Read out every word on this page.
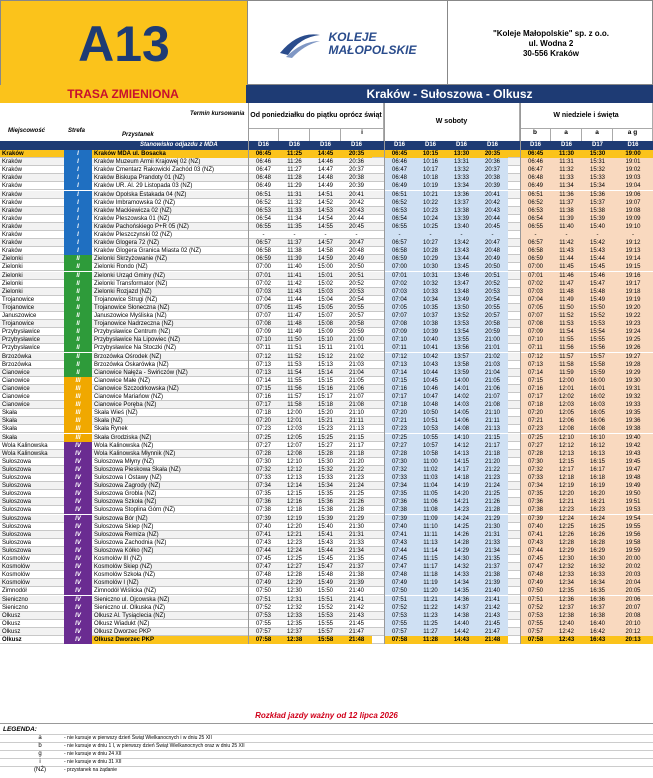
A13	KOLEJE
MAŁOPOLSKIE
"Koleje Małopolskie" sp. z o.o.
ul. Wodna 2
30-556 Kraków
TRASA ZMIENIONA	Kraków - Sułoszowa - Olkusz
Termin kursowania
Przystanek
Miejscowość	Strefa
Od poniedziałku do piątku oprócz świąt
W soboty
W niedziele i święta
i	b	a	a	a g
Stanowisko odjazdu z MDA	D16	D16	D16	D16	D16	D16	D16	D16	D16	D16	D17	D16
Kraków	I	Kraków MDA ul. Bosacka	06:45	11:25	14:45	20:35	06:45	10:15	13:30	20:35	06:45	11:30	15:30	19:00
Kraków	I	Kraków Muzeum Armii Krajowej 02 (NŻ)	06:46	11:26	14:46	20:36	06:46	10:16	13:31	20:36	06:46	11:31	15:31	19:01
Kraków	I	Kraków Cmentarz Rakowicki Zachód 03 (NŻ)	06:47	11:27	14:47	20:37	06:47	10:17	13:32	20:37	06:47	11:32	15:32	19:02
Kraków	I	Kraków Biskupa Prandoty 01 (NŻ)	06:48	11:28	14:48	20:38	06:48	10:18	13:33	20:38	06:48	11:33	15:33	19:03
Kraków	I	Kraków UR. Al. 29 Listopada 03 (NŻ)	06:49	11:29	14:49	20:39	06:49	10:19	13:34	20:39	06:49	11:34	15:34	19:04
Kraków	I	Kraków Opolska Estakada 04 (NŻ)	06:51	11:31	14:51	20:41	06:51	10:21	13:36	20:41	06:51	11:36	15:36	19:06
Kraków	I	Kraków Imbramowska 02 (NŻ)	06:52	11:32	14:52	20:42	06:52	10:22	13:37	20:42	06:52	11:37	15:37	19:07
Kraków	I	Kraków Mackiewicza 02 (NŻ)	06:53	11:33	14:53	20:43	06:53	10:23	13:38	20:43	06:53	11:38	15:38	19:08
Kraków	I	Kraków Pleszowska 01 (NŻ)	06:54	11:34	14:54	20:44	06:54	10:24	13:39	20:44	06:54	11:39	15:39	19:09
Kraków	I	Kraków Pachońskiego P+R 05 (NŻ)	06:55	11:35	14:55	20:45	06:55	10:25	13:40	20:45	06:55	11:40	15:40	19:10
Kraków	I	Kraków Pleszczynski 02 (NŻ)	-	-	-	-	-	-	-	-	-	-	-	-
Kraków	I	Kraków Glogera 72 (NŻ)	06:57	11:37	14:57	20:47	06:57	10:27	13:42	20:47	06:57	11:42	15:42	19:12
Kraków	I	Kraków Glogera Granica Miasta 02 (NŻ)	06:58	11:38	14:58	20:48	06:58	10:28	13:43	20:48	06:58	11:43	15:43	19:13
Zielonki	II	Zielonki Skrzyżowanie (NŻ)	06:59	11:39	14:59	20:49	06:59	10:29	13:44	20:49	06:59	11:44	15:44	19:14
Zielonki	II	Zielonki Rondo (NŻ)	07:00	11:40	15:00	20:50	07:00	10:30	13:45	20:50	07:00	11:45	15:45	19:15
Zielonki	II	Zielonki Urząd Gminy (NŻ)	07:01	11:41	15:01	20:51	07:01	10:31	13:46	20:51	07:01	11:46	15:46	19:16
Zielonki	II	Zielonki Transformator (NŻ)	07:02	11:42	15:02	20:52	07:02	10:32	13:47	20:52	07:02	11:47	15:47	19:17
Zielonki	II	Zielonki Rozjazd (NŻ)	07:03	11:43	15:03	20:53	07:03	10:33	13:48	20:53	07:03	11:48	15:48	19:18
Trojanowice	II	Trojanowice Strugi (NŻ)	07:04	11:44	15:04	20:54	07:04	10:34	13:49	20:54	07:04	11:49	15:49	19:19
Trojanowice	II	Trojanowice Słoneczna (NŻ)	07:05	11:45	15:05	20:55	07:05	10:35	13:50	20:55	07:05	11:50	15:50	19:20
Januszowice	II	Januszowice Myśliska (NŻ)	07:07	11:47	15:07	20:57	07:07	10:37	13:52	20:57	07:07	11:52	15:52	19:22
Trojanowice	II	Trojanowice Nadrzeczna (NŻ)	07:08	11:48	15:08	20:58	07:08	10:38	13:53	20:58	07:08	11:53	15:53	19:23
Przybysławice	II	Przybysławice Centrum (NŻ)	07:09	11:49	15:09	20:59	07:09	10:39	13:54	20:59	07:09	11:54	15:54	19:24
Przybysławice	II	Przybysławice Na Lipowiec (NŻ)	07:10	11:50	15:10	21:00	07:10	10:40	13:55	21:00	07:10	11:55	15:55	19:25
Przybysławice	II	Przybysławice Na Stoczki (NŻ)	07:11	11:51	15:11	21:01	07:11	10:41	13:56	21:01	07:11	11:56	15:56	19:26
Brzozówka	II	Brzozówka Ośrodek (NŻ)	07:12	11:52	15:12	21:02	07:12	10:42	13:57	21:02	07:12	11:57	15:57	19:27
Brzozówka	II	Brzozówka Oskarówka (NŻ)	07:13	11:53	15:13	21:03	07:13	10:43	13:58	21:03	07:13	11:58	15:58	19:28
Cianowice	II	Cianowice Nałęża - Świńczów (NŻ)	07:13	11:54	15:14	21:04	07:14	10:44	13:59	21:04	07:14	11:59	15:59	19:29
Cianowice	III	Cianowice Małe (NŻ)	07:14	11:55	15:15	21:05	07:15	10:45	14:00	21:05	07:15	12:00	16:00	19:30
Cianowice	III	Cianowice Szczodrkowska (NŻ)	07:15	11:56	15:16	21:06	07:16	10:46	14:01	21:06	07:16	12:01	16:01	19:31
Cianowice	III	Cianowice Mariańow (NŻ)	07:16	11:57	15:17	21:07	07:17	10:47	14:02	21:07	07:17	12:02	16:02	19:32
Cianowice	III	Cianowice Poręba (NŻ)	07:17	11:58	15:18	21:08	07:18	10:48	14:03	21:08	07:18	12:03	16:03	19:33
Skała	III	Skała Wieś (NŻ)	07:18	12:00	15:20	21:10	07:20	10:50	14:05	21:10	07:20	12:05	16:05	19:35
Skała	III	Skała (NŻ)	07:20	12:01	15:21	21:11	07:21	10:51	14:06	21:11	07:21	12:06	16:06	19:36
Skała	III	Skała Rynek	07:23	12:03	15:23	21:13	07:23	10:53	14:08	21:13	07:23	12:08	16:08	19:38
Skała	III	Skała Grodziska (NŻ)	07:25	12:05	15:25	21:15	07:25	10:55	14:10	21:15	07:25	12:10	16:10	19:40
Wola Kalinowska	IV	Wola Kalinowska (NŻ)	07:27	12:07	15:27	21:17	07:27	10:57	14:12	21:17	07:27	12:12	16:12	19:42
Wola Kalinowska	IV	Wola Kalinowska Młynnik (NŻ)	07:28	12:08	15:28	21:18	07:28	10:58	14:13	21:18	07:28	12:13	16:13	19:43
Sułoszowa	IV	Sułoszowa Młyny (NŻ)	07:30	12:10	15:30	21:20	07:30	11:00	14:15	21:20	07:30	12:15	16:15	19:45
Sułoszowa	IV	Sułoszowa Pieskowa Skała (NŻ)	07:32	12:12	15:32	21:22	07:32	11:02	14:17	21:22	07:32	12:17	16:17	19:47
Sułoszowa	IV	Sułoszowa I Ostawy (NŻ)	07:33	12:13	15:33	21:23	07:33	11:03	14:18	21:23	07:33	12:18	16:18	19:48
Sułoszowa	IV	Sułoszowa Zagrody (NŻ)	07:34	12:14	15:34	21:24	07:34	11:04	14:19	21:24	07:34	12:19	16:19	19:49
Sułoszowa	IV	Sułoszowa Grobla (NŻ)	07:35	12:15	15:35	21:25	07:35	11:05	14:20	21:25	07:35	12:20	16:20	19:50
Sułoszowa	IV	Sułoszowa Szkoła (NŻ)	07:36	12:16	15:36	21:26	07:36	11:06	14:21	21:26	07:36	12:21	16:21	19:51
Sułoszowa	IV	Sułoszowa Stoplina Górn (NŻ)	07:38	12:18	15:38	21:28	07:38	11:08	14:23	21:28	07:38	12:23	16:23	19:53
Sułoszowa	IV	Sułoszowa Bór (NŻ)	07:39	12:19	15:39	21:29	07:39	11:09	14:24	21:29	07:39	12:24	16:24	19:54
Sułoszowa	IV	Sułoszowa Skiep (NŻ)	07:40	12:20	15:40	21:30	07:40	11:10	14:25	21:30	07:40	12:25	16:25	19:55
Sułoszowa	IV	Sułoszowa Remiza (NŻ)	07:41	12:21	15:41	21:31	07:41	11:11	14:26	21:31	07:41	12:26	16:26	19:56
Sułoszowa	IV	Sułoszowa Zachodnia (NŻ)	07:43	12:23	15:43	21:33	07:43	11:13	14:28	21:33	07:43	12:28	16:28	19:58
Sułoszowa	IV	Sułoszowa Kółko (NŻ)	07:44	12:24	15:44	21:34	07:44	11:14	14:29	21:34	07:44	12:29	16:29	19:59
Kosmolów	IV	Kosmolów III (NŻ)	07:45	12:25	15:45	21:35	07:45	11:15	14:30	21:35	07:45	12:30	16:30	20:00
Kosmolów	IV	Kosmolów Skiep (NŻ)	07:47	12:27	15:47	21:37	07:47	11:17	14:32	21:37	07:47	12:32	16:32	20:02
Kosmolów	IV	Kosmolów Szkoła (NŻ)	07:48	12:28	15:48	21:38	07:48	11:18	14:33	21:38	07:48	12:33	16:33	20:03
Kosmolów	IV	Kosmolów I (NŻ)	07:49	12:29	15:49	21:39	07:49	11:19	14:34	21:39	07:49	12:34	16:34	20:04
Zimnodół	IV	Zimnodół Wiślicka (NŻ)	07:50	12:30	15:50	21:40	07:50	11:20	14:35	21:40	07:50	12:35	16:35	20:05
Sieniczno	IV	Sieniczno ul. Ojcowska (NŻ)	07:51	12:31	15:51	21:41	07:51	11:21	14:36	21:41	07:51	12:36	16:36	20:06
Sieniczno	IV	Sieniczno ul. Olkuska (NŻ)	07:52	12:32	15:52	21:42	07:52	11:22	14:37	21:42	07:52	12:37	16:37	20:07
Olkusz	IV	Olkusz Al. Tysiąclecia (NŻ)	07:53	12:33	15:53	21:43	07:53	11:23	14:38	21:43	07:53	12:38	16:38	20:08
Olkusz	IV	Olkusz Wiadukt (NŻ)	07:55	12:35	15:55	21:45	07:55	11:25	14:40	21:45	07:55	12:40	16:40	20:10
Olkusz	IV	Olkusz Dworzec PKP	07:57	12:37	15:57	21:47	07:57	11:27	14:42	21:47	07:57	12:42	16:42	20:12
Olkusz	IV	Olkusz Dworzec PKP	07:58	12:38	15:58	21:48	07:58	11:28	14:43	21:48	07:58	12:43	16:43	20:13
Rozkład jazdy ważny od 12 lipca 2026
LEGENDA:
a	- nie kursuje w pierwszy dzień Świąt Wielkanocnych i w dniu 25 XII
b	- nie kursuje w dniu 1 I, w pierwszy dzień Świąt Wielkanocnych oraz w dniu 25 XII
g	- nie kursuje w dniu 24 XII
i	- nie kursuje w dniu 31 XII
(NŻ)	- przystanek na żądanie
